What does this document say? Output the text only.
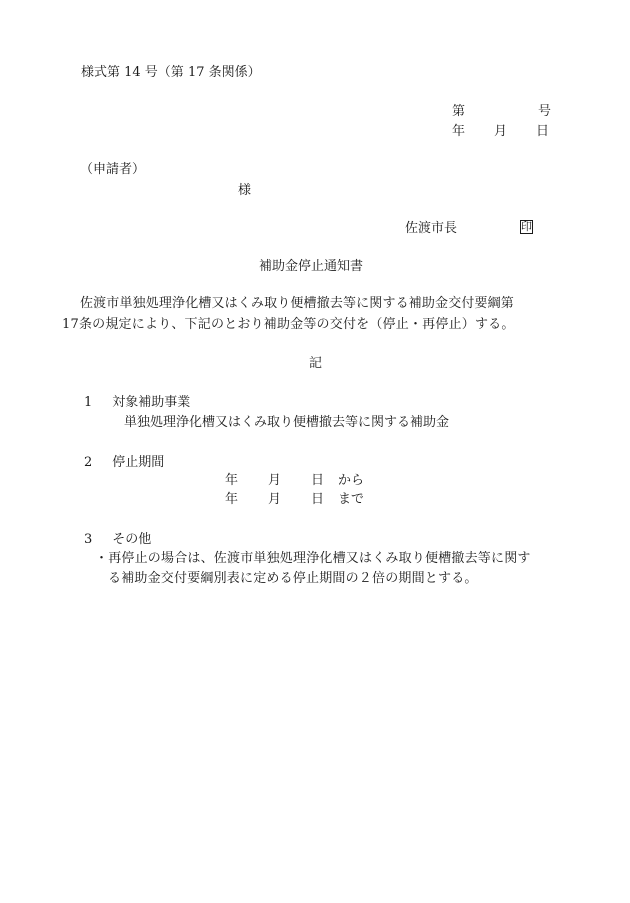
様式第 14 号（第 17 条関係）
第	号
年 月 日
（申請者）
様
佐渡市長	印
補助金停止通知書
佐渡市単独処理浄化槽又はくみ取り便槽撤去等に関する補助金交付要綱第
17条の規定により、下記のとおり補助金等の交付を（停止・再停止）する。
記
1 対象補助事業
単独処理浄化槽又はくみ取り便槽撤去等に関する補助金
2 停止期間
年 月 日 から
年 月 日 まで
3 その他
・再停止の場合は、佐渡市単独処理浄化槽又はくみ取り便槽撤去等に関す
る補助金交付要綱別表に定める停止期間の２倍の期間とする。
